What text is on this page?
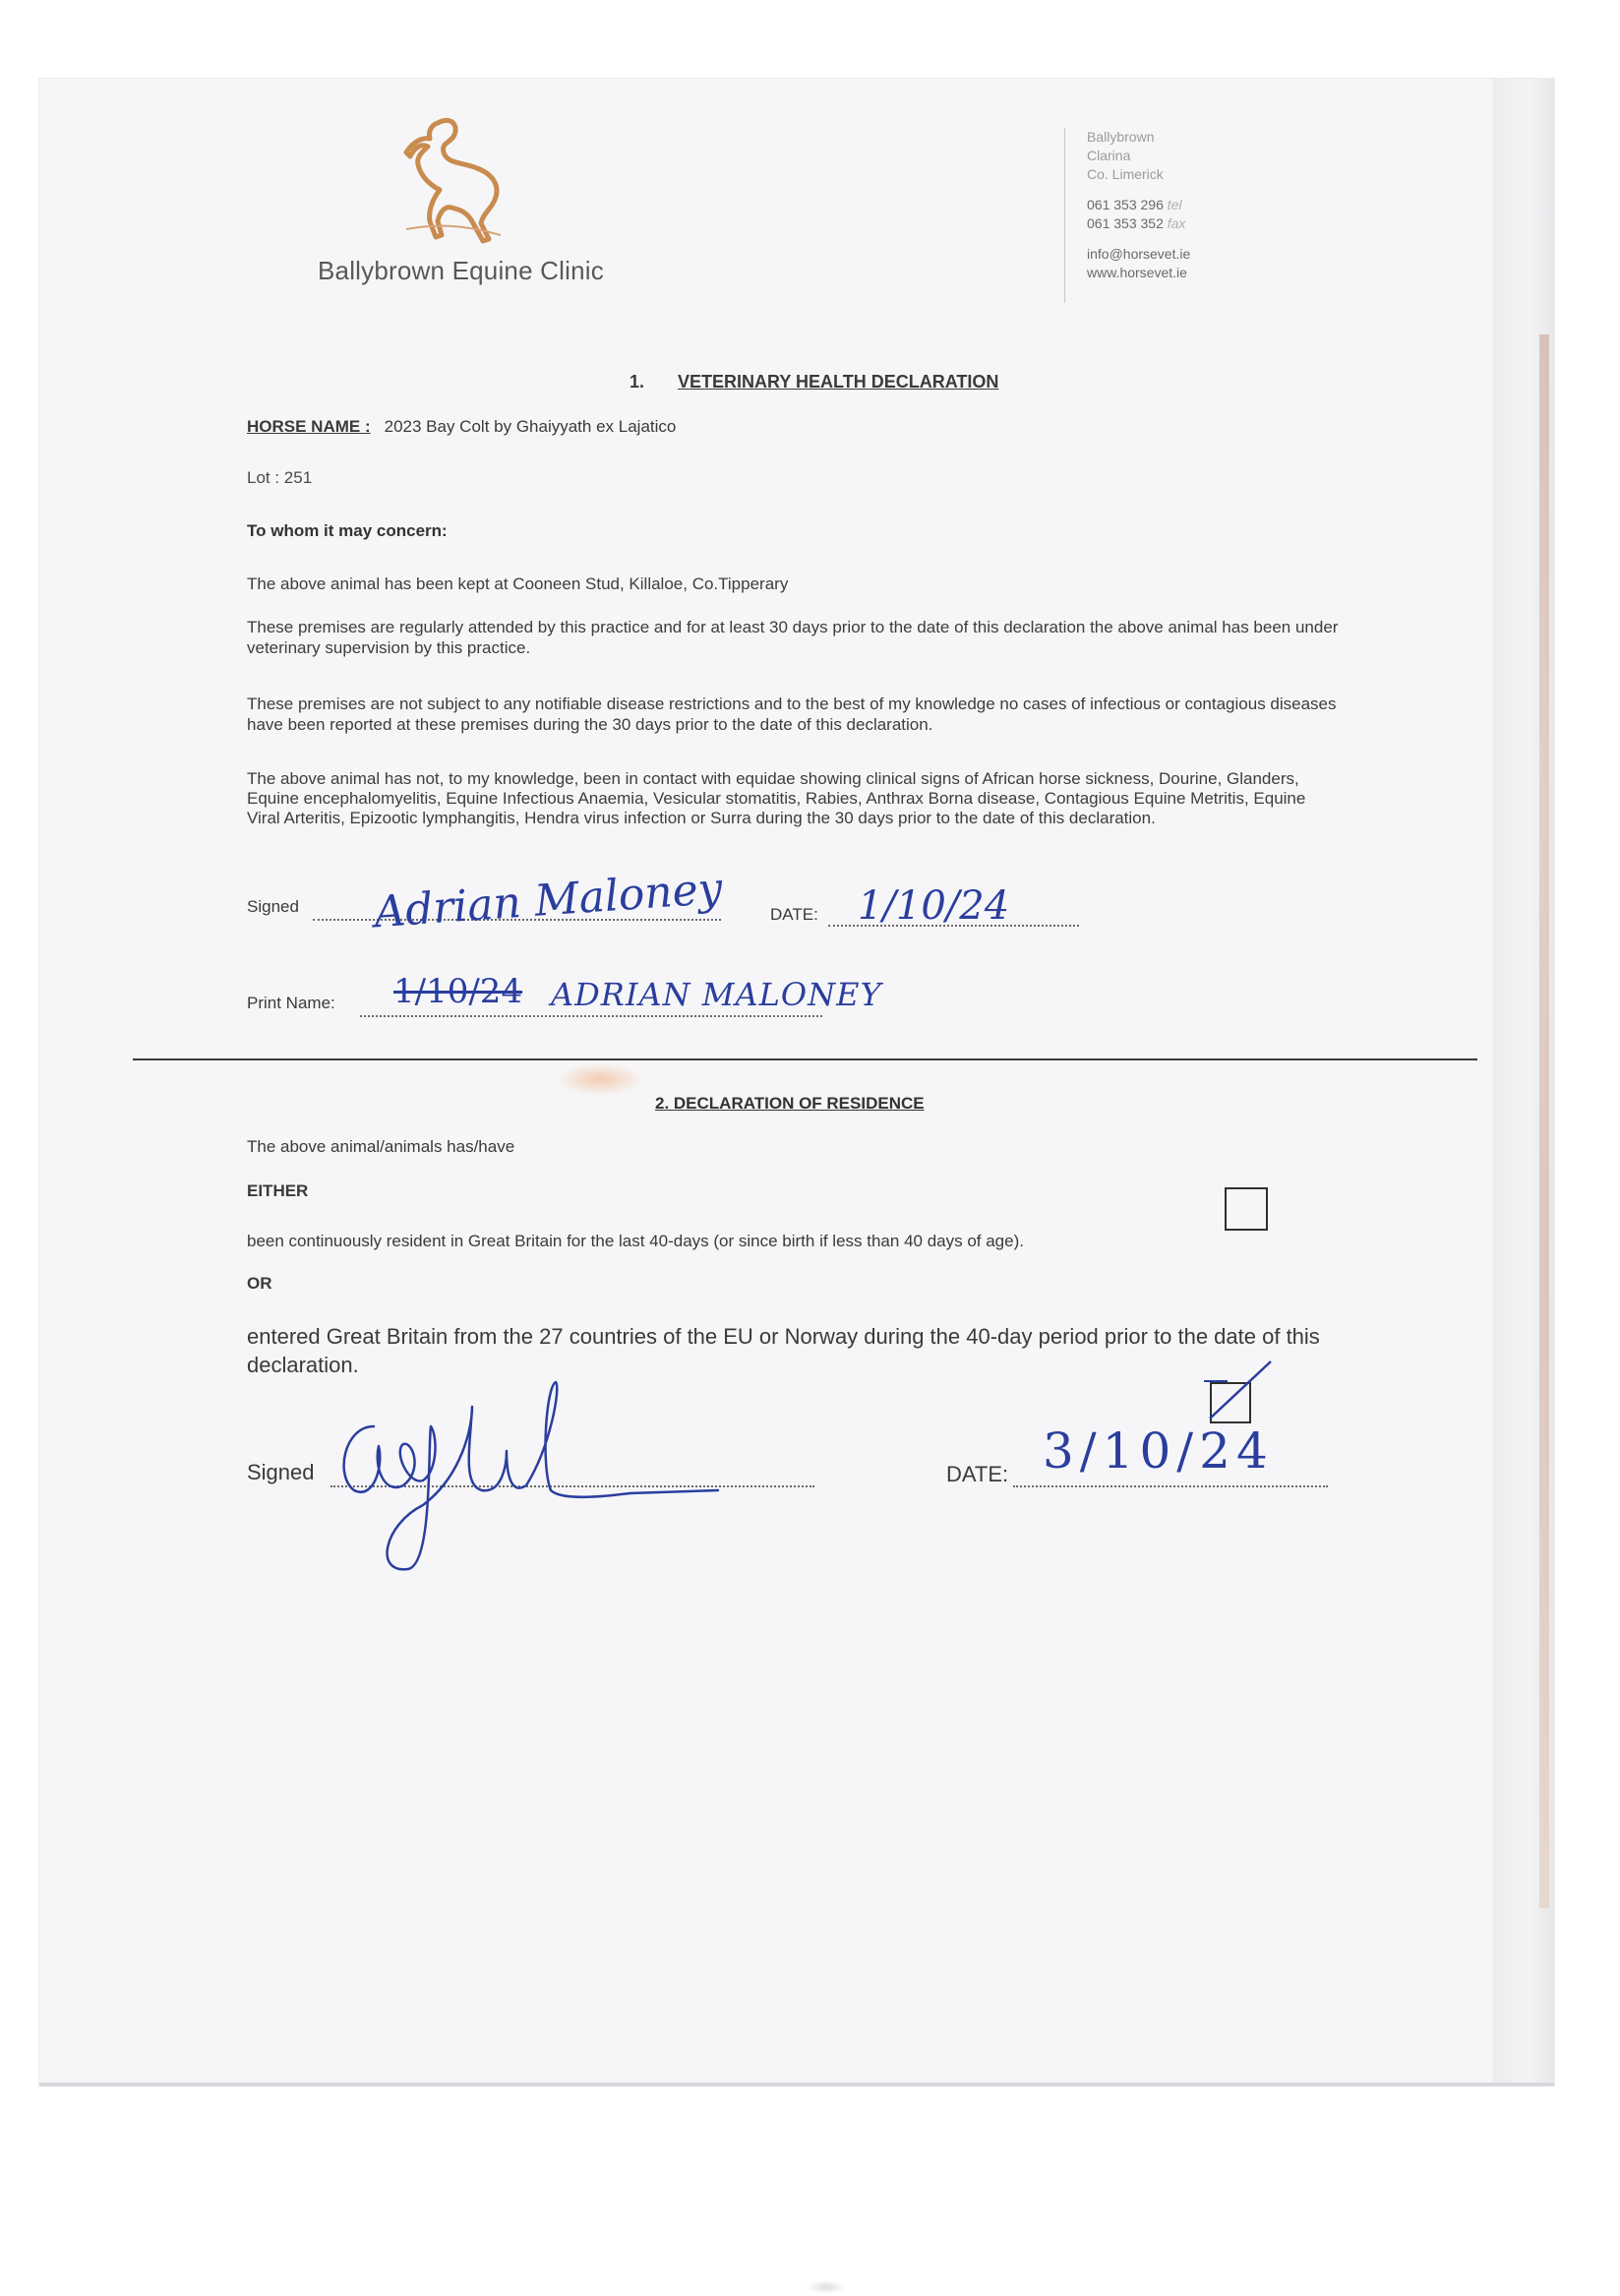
Ballybrown Equine Clinic
Ballybrown
Clarina
Co. Limerick
061 353 296 tel
061 353 352 fax
info@horsevet.ie
www.horsevet.ie
1. VETERINARY HEALTH DECLARATION
HORSE NAME : 2023 Bay Colt by Ghaiyyath ex Lajatico
Lot : 251
To whom it may concern:
The above animal has been kept at Cooneen Stud, Killaloe, Co.Tipperary
These premises are regularly attended by this practice and for at least 30 days prior to the date of this declaration the above animal has been under veterinary supervision by this practice.
These premises are not subject to any notifiable disease restrictions and to the best of my knowledge no cases of infectious or contagious diseases have been reported at these premises during the 30 days prior to the date of this declaration.
The above animal has not, to my knowledge, been in contact with equidae showing clinical signs of African horse sickness, Dourine, Glanders, Equine encephalomyelitis, Equine Infectious Anaemia, Vesicular stomatitis, Rabies, Anthrax Borna disease, Contagious Equine Metritis, Equine Viral Arteritis, Epizootic lymphangitis, Hendra virus infection or Surra during the 30 days prior to the date of this declaration.
Signed Adrian Maloney	DATE: 1/10/24
Print Name: 1/10/24 ADRIAN MALONEY
2. DECLARATION OF RESIDENCE
The above animal/animals has/have
EITHER
been continuously resident in Great Britain for the last 40-days (or since birth if less than 40 days of age).
OR
entered Great Britain from the 27 countries of the EU or Norway during the 40-day period prior to the date of this declaration.
Signed	DATE: 3/10/24
